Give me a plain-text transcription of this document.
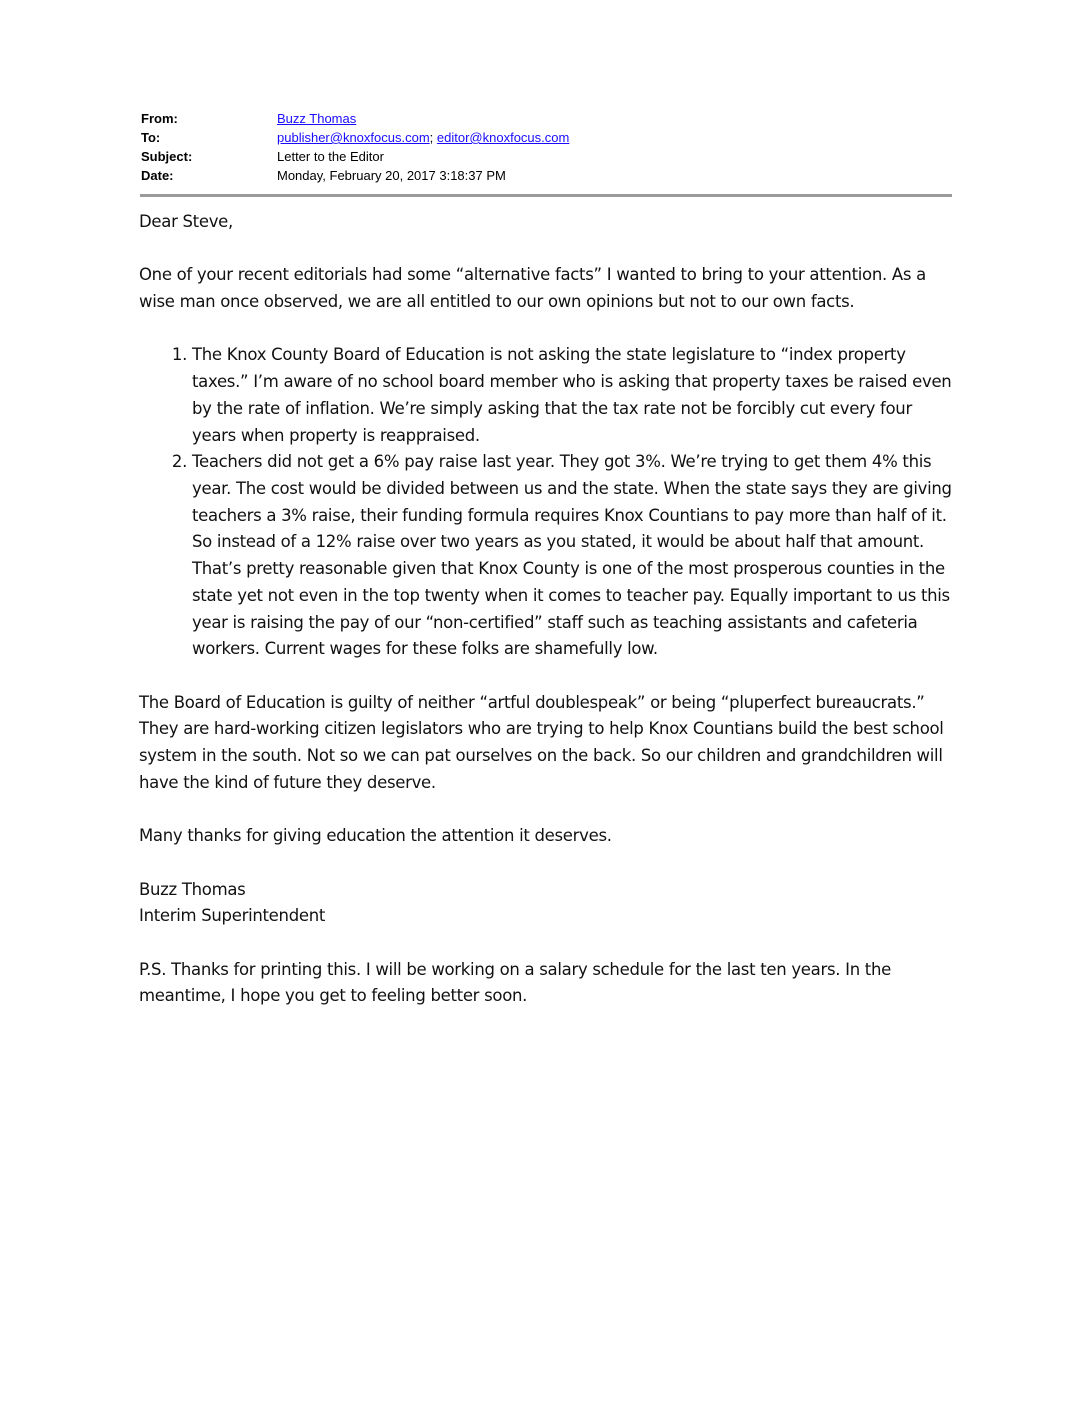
From:	Buzz Thomas
To:	publisher@knoxfocus.com; editor@knoxfocus.com
Subject:	Letter to the Editor
Date:	Monday, February 20, 2017 3:18:37 PM

Dear Steve,

One of your recent editorials had some “alternative facts” I wanted to bring to your attention. As a wise man once observed, we are all entitled to our own opinions but not to our own facts.

1. The Knox County Board of Education is not asking the state legislature to “index property taxes.” I’m aware of no school board member who is asking that property taxes be raised even by the rate of inflation. We’re simply asking that the tax rate not be forcibly cut every four years when property is reappraised.
2. Teachers did not get a 6% pay raise last year. They got 3%. We’re trying to get them 4% this year. The cost would be divided between us and the state. When the state says they are giving teachers a 3% raise, their funding formula requires Knox Countians to pay more than half of it. So instead of a 12% raise over two years as you stated, it would be about half that amount. That’s pretty reasonable given that Knox County is one of the most prosperous counties in the state yet not even in the top twenty when it comes to teacher pay. Equally important to us this year is raising the pay of our “non-certified” staff such as teaching assistants and cafeteria workers. Current wages for these folks are shamefully low.

The Board of Education is guilty of neither “artful doublespeak” or being “pluperfect bureaucrats.” They are hard-working citizen legislators who are trying to help Knox Countians build the best school system in the south. Not so we can pat ourselves on the back. So our children and grandchildren will have the kind of future they deserve.

Many thanks for giving education the attention it deserves.

Buzz Thomas

Interim Superintendent

P.S. Thanks for printing this. I will be working on a salary schedule for the last ten years. In the meantime, I hope you get to feeling better soon.
